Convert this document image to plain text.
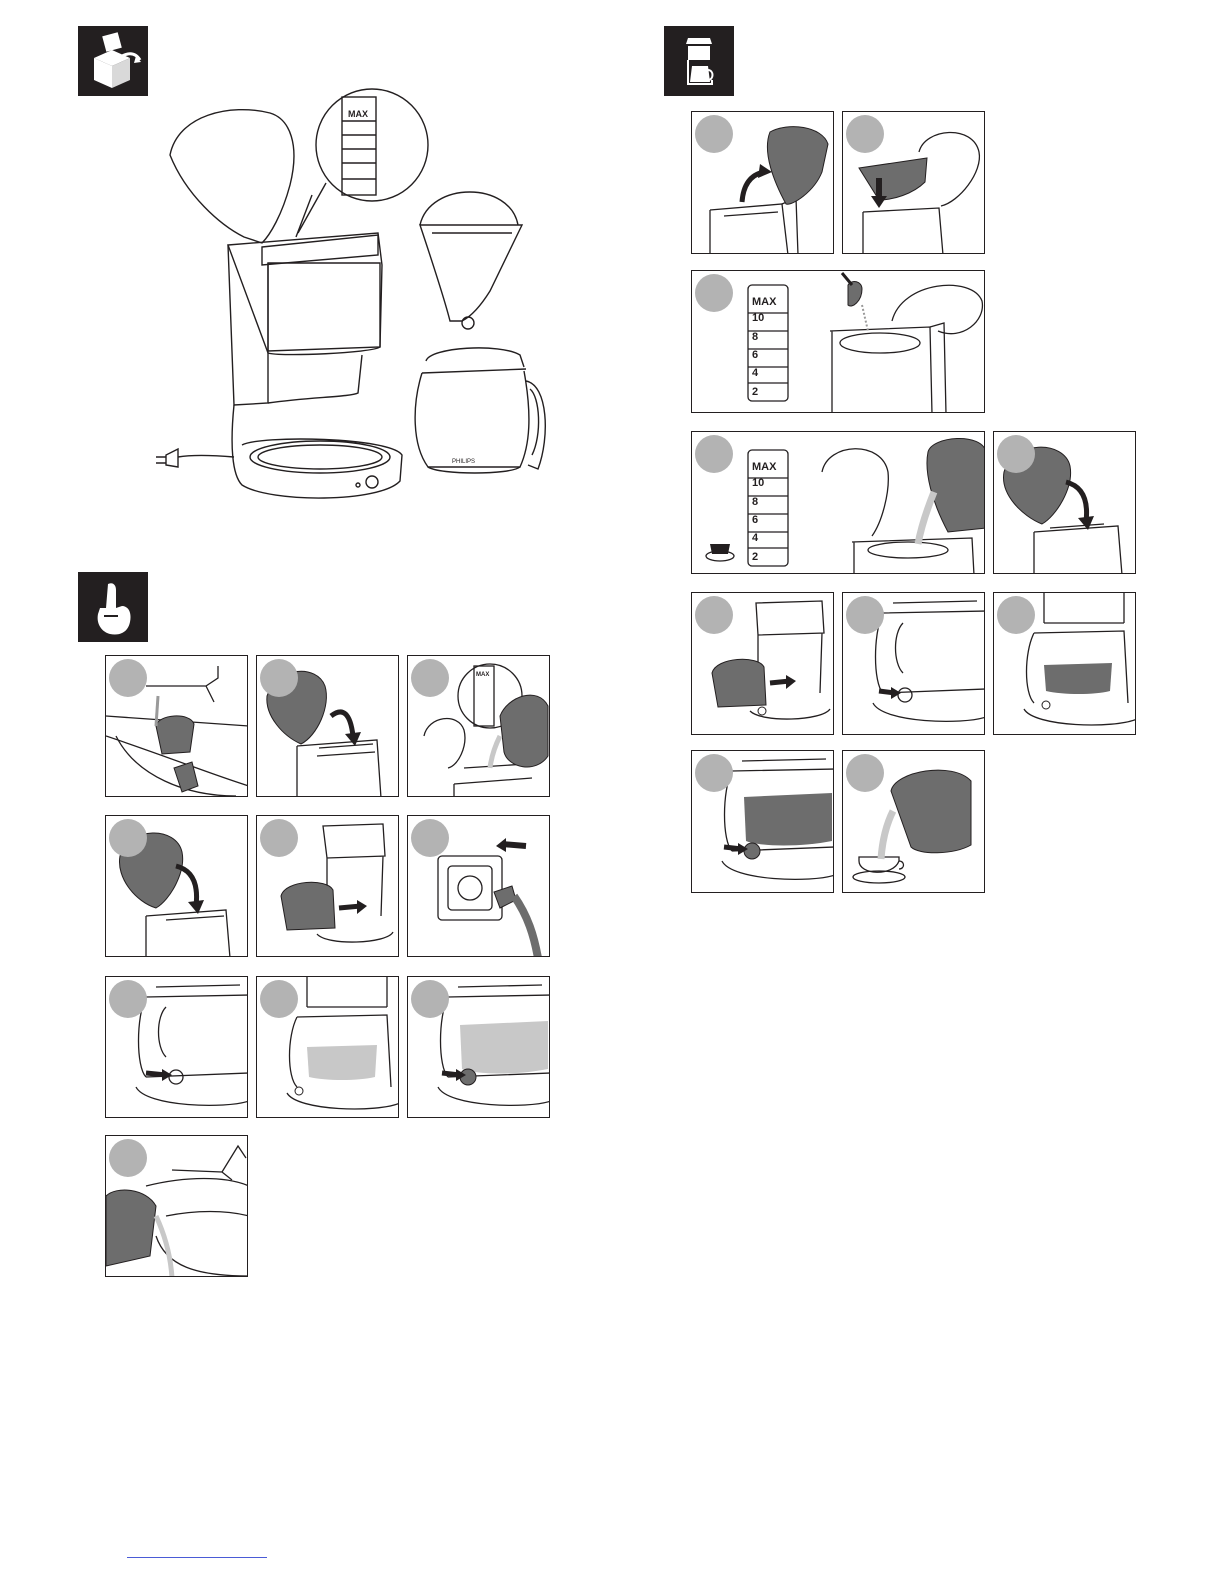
MAX
PHILIPS
MAX
MAX
10
8
6
4
2
MAX
10
8
6
4
2
